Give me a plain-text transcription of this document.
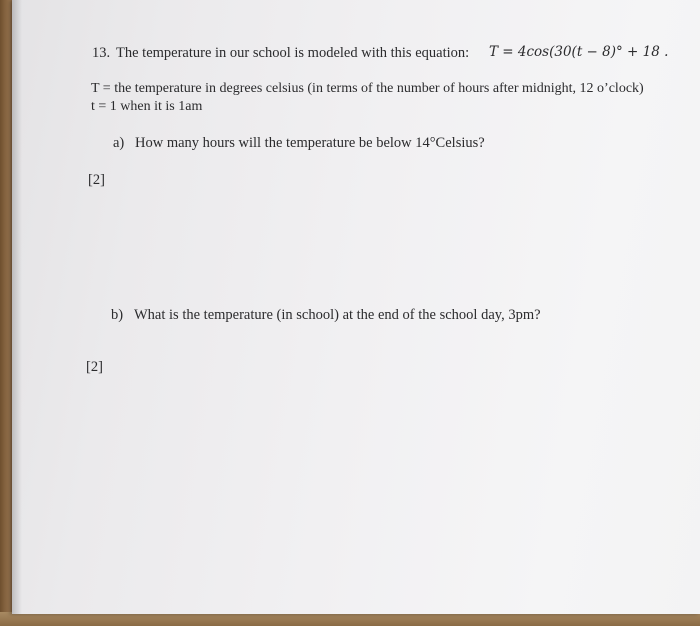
13. The temperature in our school is modeled with this equation: T = 4cos(30(t − 8)° + 18 .
T = the temperature in degrees celsius (in terms of the number of hours after midnight, 12 o’clock)
t = 1 when it is 1am
a) How many hours will the temperature be below 14°Celsius?
[2]
b) What is the temperature (in school) at the end of the school day, 3pm?
[2]
